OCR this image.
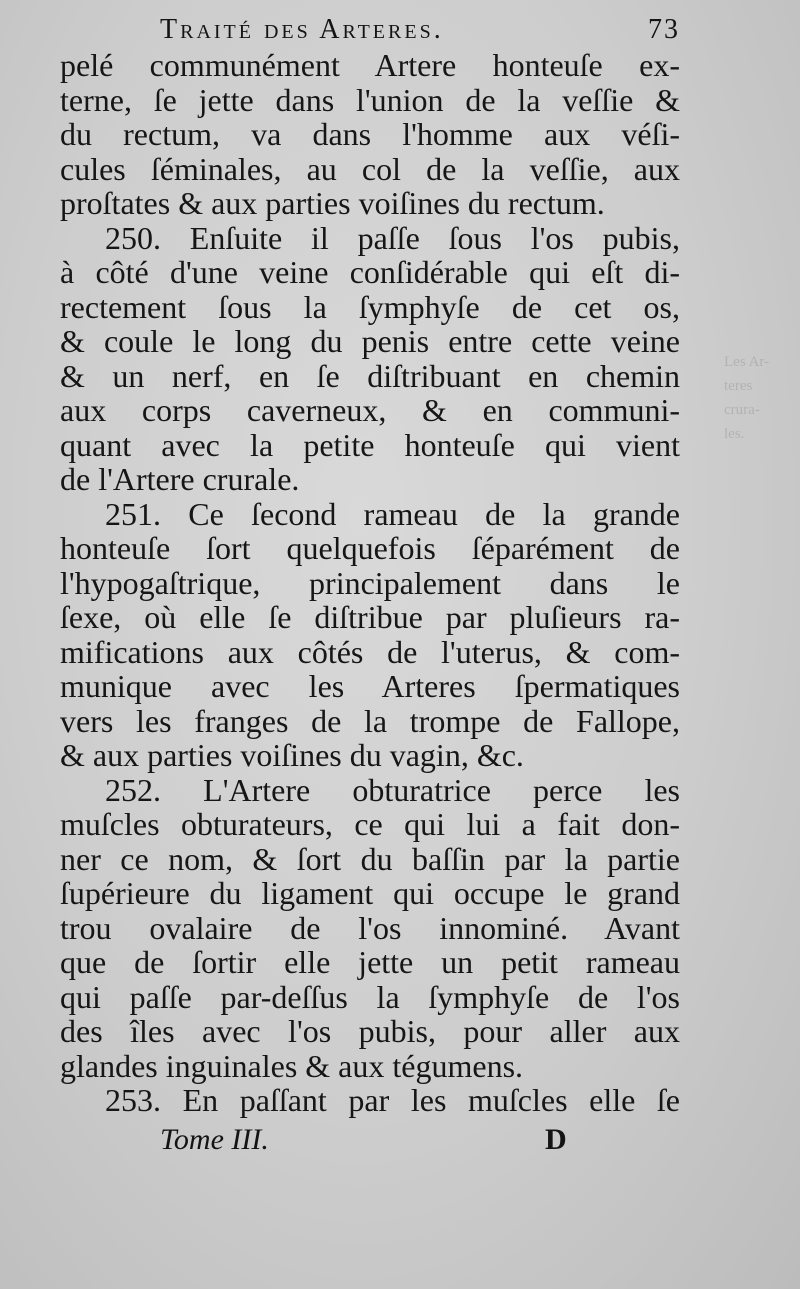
Les Ar-
teres
crura-
les.
Traité des Arteres.	73
pelé communément Artere honteuſe ex-
terne, ſe jette dans l'union de la veſſie &
du rectum, va dans l'homme aux véſi-
cules ſéminales, au col de la veſſie, aux
proſtates & aux parties voiſines du rectum.
250. Enſuite il paſſe ſous l'os pubis,
à côté d'une veine conſidérable qui eſt di-
rectement ſous la ſymphyſe de cet os,
& coule le long du penis entre cette veine
& un nerf, en ſe diſtribuant en chemin
aux corps caverneux, & en communi-
quant avec la petite honteuſe qui vient
de l'Artere crurale.
251. Ce ſecond rameau de la grande
honteuſe ſort quelquefois ſéparément de
l'hypogaſtrique, principalement dans le
ſexe, où elle ſe diſtribue par pluſieurs ra-
mifications aux côtés de l'uterus, & com-
munique avec les Arteres ſpermatiques
vers les franges de la trompe de Fallope,
& aux parties voiſines du vagin, &c.
252. L'Artere obturatrice perce les
muſcles obturateurs, ce qui lui a fait don-
ner ce nom, & ſort du baſſin par la partie
ſupérieure du ligament qui occupe le grand
trou ovalaire de l'os innominé. Avant
que de ſortir elle jette un petit rameau
qui paſſe par-deſſus la ſymphyſe de l'os
des îles avec l'os pubis, pour aller aux
glandes inguinales & aux tégumens.
253. En paſſant par les muſcles elle ſe
Tome III.	D
